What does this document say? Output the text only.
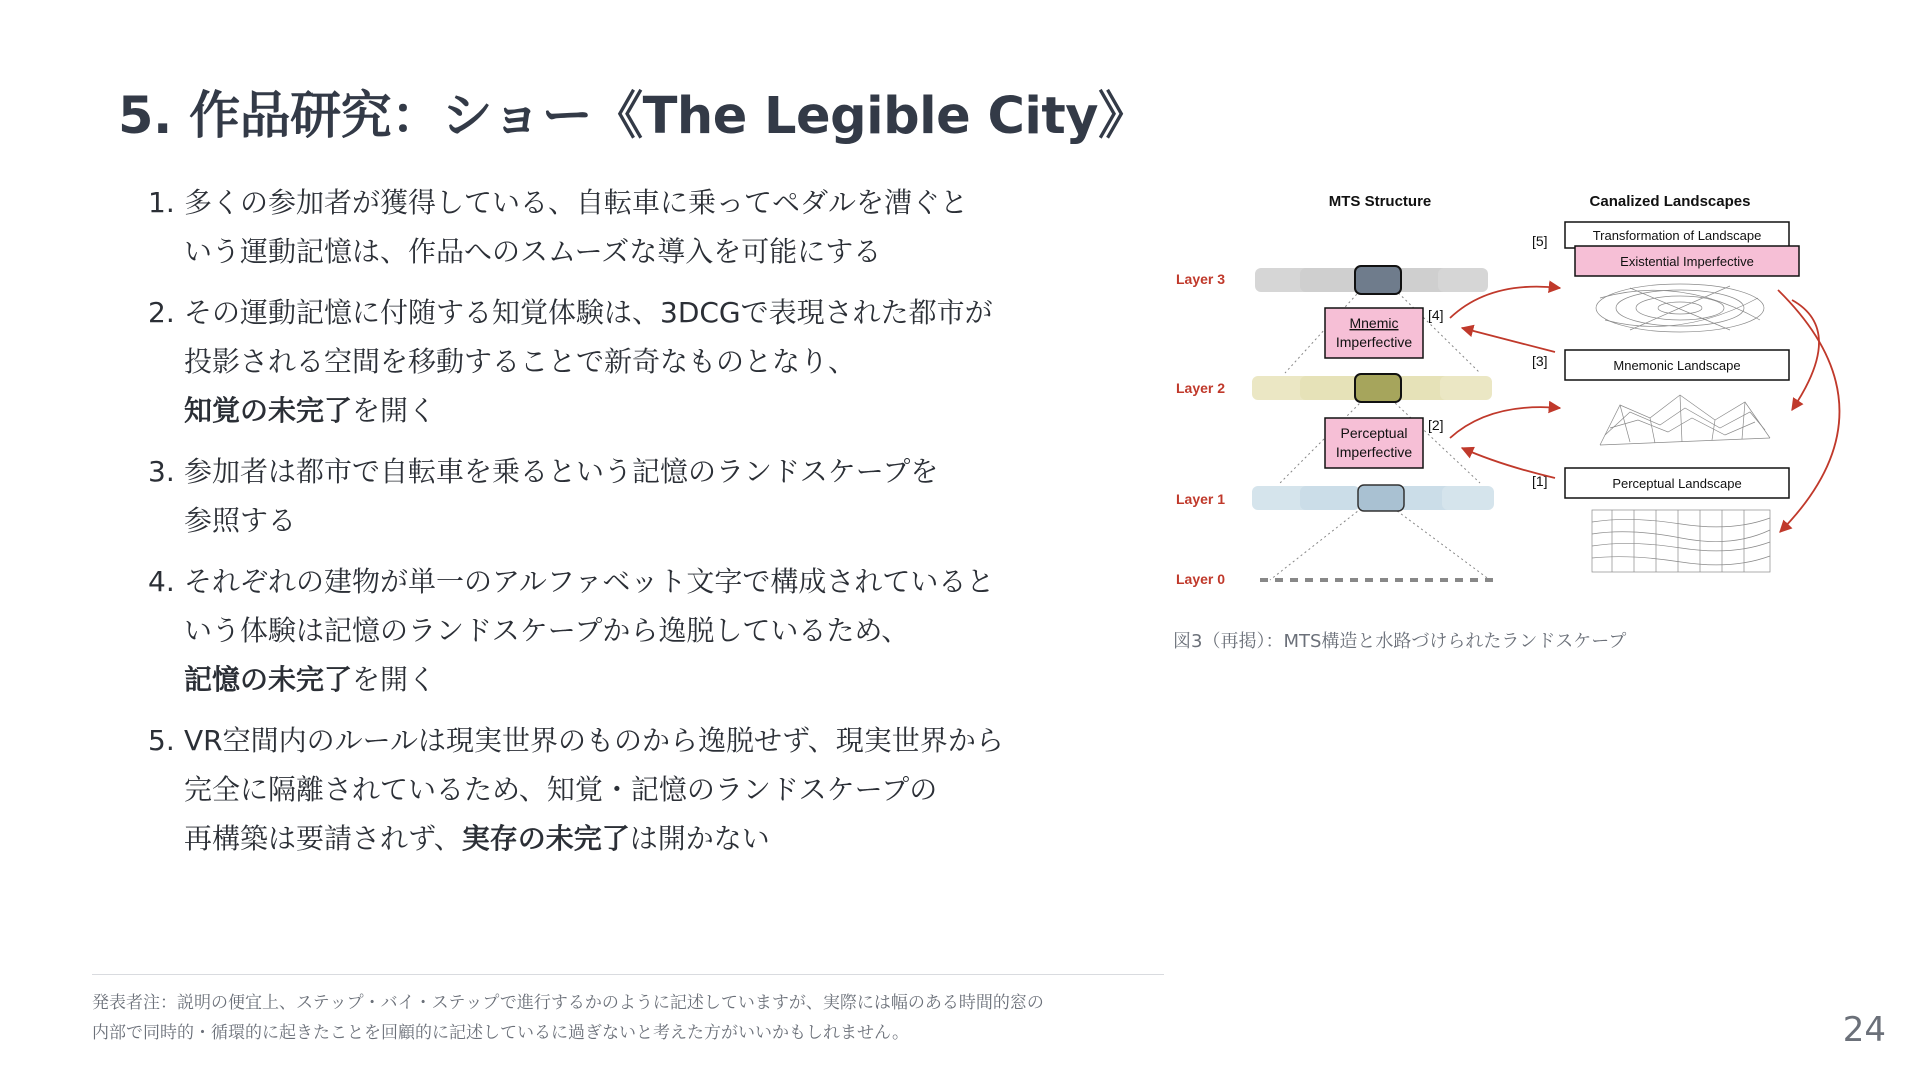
5. 作品研究：ショー《The Legible City》
1. 多くの参加者が獲得している、自転車に乗ってペダルを漕ぐと
いう運動記憶は、作品へのスムーズな導入を可能にする
2. その運動記憶に付随する知覚体験は、3DCGで表現された都市が
投影される空間を移動することで新奇なものとなり、
知覚の未完了を開く
3. 参加者は都市で自転車を乗るという記憶のランドスケープを
参照する
4. それぞれの建物が単一のアルファベット文字で構成されていると
いう体験は記憶のランドスケープから逸脱しているため、
記憶の未完了を開く
5. VR空間内のルールは現実世界のものから逸脱せず、現実世界から
完全に隔離されているため、知覚・記憶のランドスケープの
再構築は要請されず、実存の未完了は開かない
MTS Structure	Canalized Landscapes
Layer 3
Layer 2
Layer 1
Layer 0
Mnemic
Imperfective
Perceptual
Imperfective
[5]
[4]
[3]
[2]
[1]
Transformation of Landscape
Existential Imperfective
Mnemonic Landscape
Perceptual Landscape
図3（再掲）：MTS構造と水路づけられたランドスケープ
発表者注：説明の便宜上、ステップ・バイ・ステップで進行するかのように記述していますが、実際には幅のある時間的窓の
内部で同時的・循環的に起きたことを回顧的に記述しているに過ぎないと考えた方がいいかもしれません。	24
